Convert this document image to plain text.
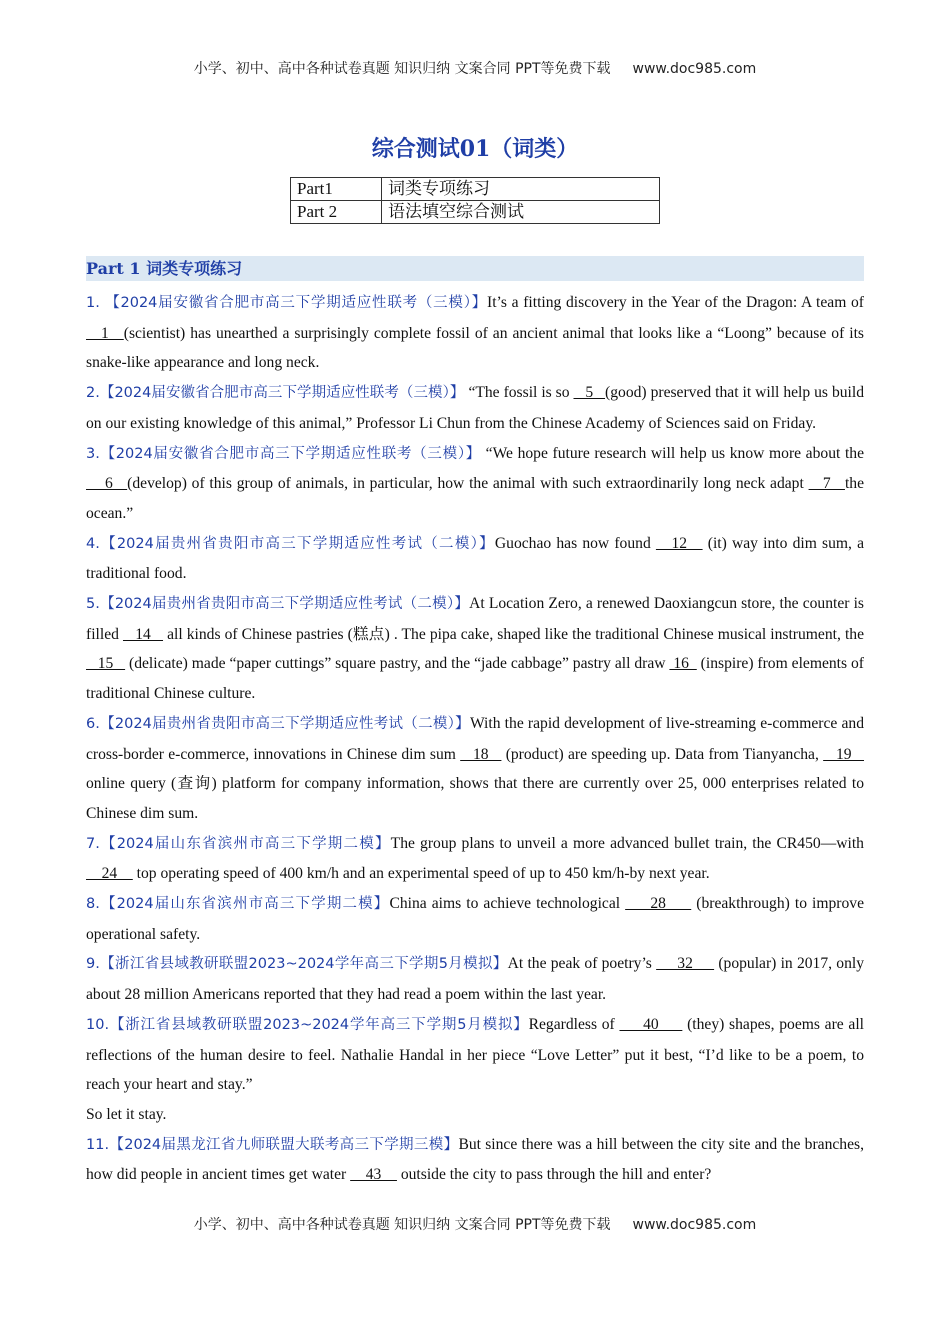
小学、初中、高中各种试卷真题 知识归纳 文案合同 PPT等免费下载 www.doc985.com
综合测试01（词类）
Part1	词类专项练习
Part 2	语法填空综合测试
Part 1 词类专项练习

1. 【2024届安徽省合肥市高三下学期适应性联考（三模）】It’s a fitting discovery in the Year of the Dragon: A team of    1   (scientist) has unearthed a surprisingly complete fossil of an ancient animal that looks like a “Loong” because of its snake-like appearance and long neck.

2.【2024届安徽省合肥市高三下学期适应性联考（三模）】 “The fossil is so    5   (good) preserved that it will help us build on our existing knowledge of this animal,” Professor Li Chun from the Chinese Academy of Sciences said on Friday.

3.【2024届安徽省合肥市高三下学期适应性联考（三模）】 “We hope future research will help us know more about the     6   (develop) of this group of animals, in particular, how the animal with such extraordinarily long neck adapt    7   the ocean.”

4.【2024届贵州省贵阳市高三下学期适应性考试（二模）】Guochao has now found    12    (it) way into dim sum, a traditional food.

5.【2024届贵州省贵阳市高三下学期适应性考试（二模）】At Location Zero, a renewed Daoxiangcun store, the counter is filled    14    all kinds of Chinese pastries (糕点) . The pipa cake, shaped like the traditional Chinese musical instrument, the    15    (delicate) made “paper cuttings” square pastry, and the “jade cabbage” pastry all draw  16   (inspire) from elements of traditional Chinese culture.

6.【2024届贵州省贵阳市高三下学期适应性考试（二模）】With the rapid development of live-streaming e-commerce and cross-border e-commerce, innovations in Chinese dim sum    18    (product) are speeding up. Data from Tianyancha,    19    online query (查询) platform for company information, shows that there are currently over 25, 000 enterprises related to Chinese dim sum.

7.【2024届山东省滨州市高三下学期二模】The group plans to unveil a more advanced bullet train, the CR450—with     24     top operating speed of 400 km/h and an experimental speed of up to 450 km/h-by next year.

8.【2024届山东省滨州市高三下学期二模】China aims to achieve technological      28      (breakthrough) to improve operational safety.

9.【浙江省县域教研联盟2023~2024学年高三下学期5月模拟】At the peak of poetry’s      32      (popular) in 2017, only about 28 million Americans reported that they had read a poem within the last year.

10.【浙江省县域教研联盟2023~2024学年高三下学期5月模拟】Regardless of      40      (they) shapes, poems are all reflections of the human desire to feel. Nathalie Handal in her piece “Love Letter” put it best, “I’d like to be a poem, to reach your heart and stay.”

So let it stay.

11.【2024届黑龙江省九师联盟大联考高三下学期三模】But since there was a hill between the city site and the branches, how did people in ancient times get water     43     outside the city to pass through the hill and enter?

小学、初中、高中各种试卷真题 知识归纳 文案合同 PPT等免费下载 www.doc985.com
